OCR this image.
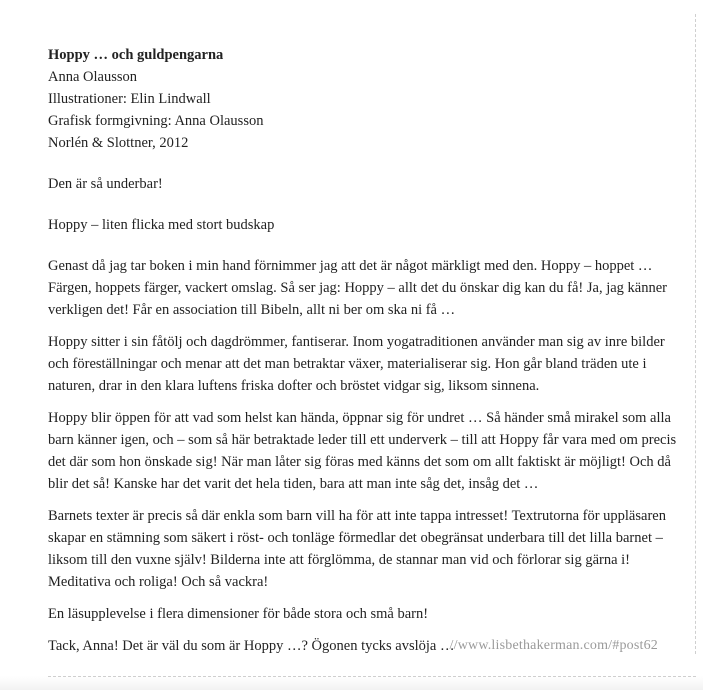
Hoppy … och guldpengarna
Anna Olausson
Illustrationer: Elin Lindwall
Grafisk formgivning: Anna Olausson
Norlén & Slottner, 2012

Den är så underbar!

Hoppy – liten flicka med stort budskap

Genast då jag tar boken i min hand förnimmer jag att det är något märkligt med den. Hoppy – hoppet … Färgen, hoppets färger, vackert omslag. Så ser jag: Hoppy – allt det du önskar dig kan du få! Ja, jag känner verkligen det! Får en association till Bibeln, allt ni ber om ska ni få …

Hoppy sitter i sin fåtölj och dagdrömmer, fantiserar. Inom yogatraditionen använder man sig av inre bilder och föreställningar och menar att det man betraktar växer, materialiserar sig. Hon går bland träden ute i naturen, drar in den klara luftens friska dofter och bröstet vidgar sig, liksom sinnena.

Hoppy blir öppen för att vad som helst kan hända, öppnar sig för undret … Så händer små mirakel som alla barn känner igen, och – som så här betraktade leder till ett underverk – till att Hoppy får vara med om precis det där som hon önskade sig! När man låter sig föras med känns det som om allt faktiskt är möjligt! Och då blir det så! Kanske har det varit det hela tiden, bara att man inte såg det, insåg det …

Barnets texter är precis så där enkla som barn vill ha för att inte tappa intresset! Textrutorna för uppläsaren skapar en stämning som säkert i röst- och tonläge förmedlar det obegränsat underbara till det lilla barnet – liksom till den vuxne själv! Bilderna inte att förglömma, de stannar man vid och förlorar sig gärna i! Meditativa och roliga! Och så vackra!

En läsupplevelse i flera dimensioner för både stora och små barn!

Tack, Anna! Det är väl du som är Hoppy …? Ögonen tycks avslöja …

//www.lisbethakerman.com/#post62
